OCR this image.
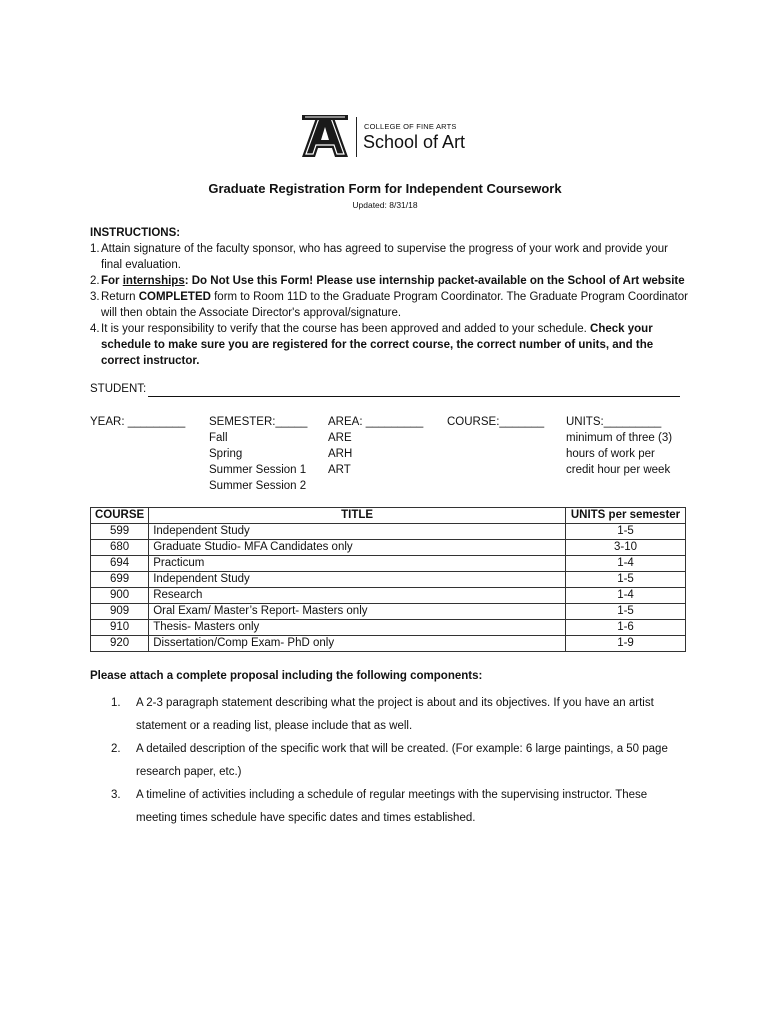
COLLEGE OF FINE ARTS
School of Art
Graduate Registration Form for Independent Coursework
Updated: 8/31/18
INSTRUCTIONS:
1. Attain signature of the faculty sponsor, who has agreed to supervise the progress of your work and provide your final evaluation.
2. For internships: Do Not Use this Form! Please use internship packet-available on the School of Art website
3. Return COMPLETED form to Room 11D to the Graduate Program Coordinator. The Graduate Program Coordinator will then obtain the Associate Director's approval/signature.
4. It is your responsibility to verify that the course has been approved and added to your schedule. Check your schedule to make sure you are registered for the correct course, the correct number of units, and the correct instructor.
STUDENT:
YEAR: _________ SEMESTER:_____
Fall
Spring
Summer Session 1
Summer Session 2
AREA: _________
ARE
ARH
ART
COURSE:_______ UNITS:_________
minimum of three (3)
hours of work per
credit hour per week
COURSE	TITLE	UNITS per semester
599	Independent Study	1-5
680	Graduate Studio- MFA Candidates only	3-10
694	Practicum	1-4
699	Independent Study	1-5
900	Research	1-4
909	Oral Exam/ Master’s Report- Masters only	1-5
910	Thesis- Masters only	1-6
920	Dissertation/Comp Exam- PhD only	1-9
Please attach a complete proposal including the following components:
1. A 2-3 paragraph statement describing what the project is about and its objectives. If you have an artist statement or a reading list, please include that as well.
2. A detailed description of the specific work that will be created. (For example: 6 large paintings, a 50 page research paper, etc.)
3. A timeline of activities including a schedule of regular meetings with the supervising instructor. These meeting times schedule have specific dates and times established.
